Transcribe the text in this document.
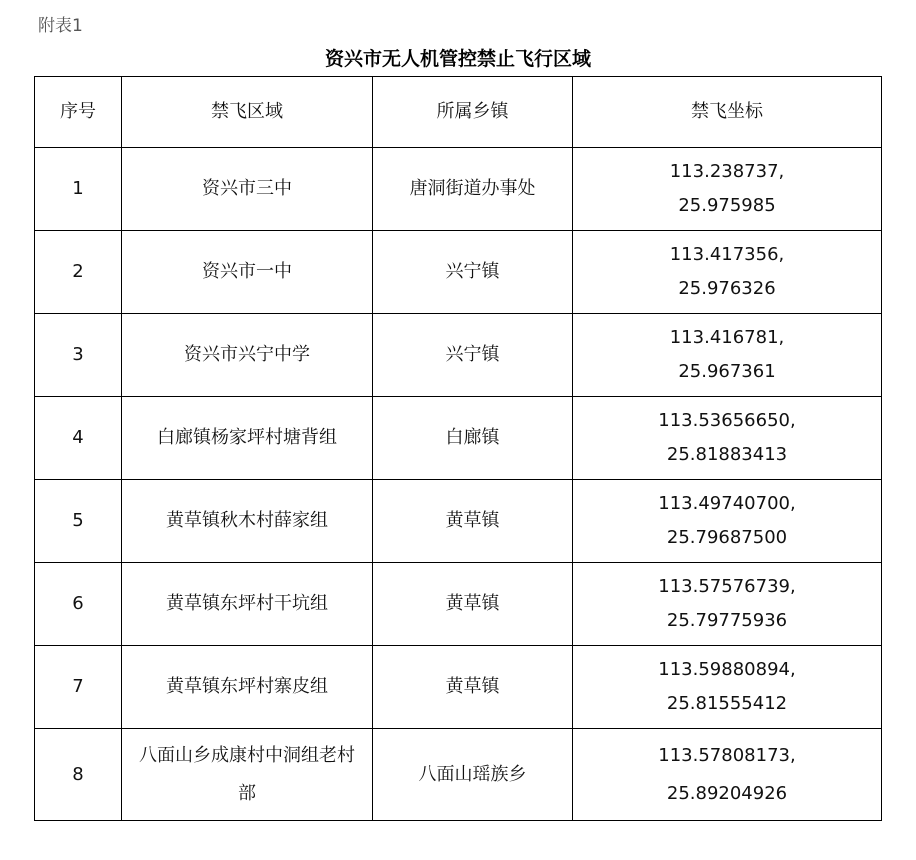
附表1
资兴市无人机管控禁止飞行区域
序号	禁飞区域	所属乡镇	禁飞坐标
1	资兴市三中	唐洞街道办事处	113.238737,
25.975985

2	资兴市一中	兴宁镇	113.417356,
25.976326

3	资兴市兴宁中学	兴宁镇	113.416781,
25.967361

4	白廊镇杨家坪村塘背组	白廊镇	113.53656650,
25.81883413

5	黄草镇秋木村薛家组	黄草镇	113.49740700,
25.79687500

6	黄草镇东坪村干坑组	黄草镇	113.57576739,
25.79775936

7	黄草镇东坪村寨皮组	黄草镇	113.59880894,
25.81555412

8	八面山乡成康村中洞组老村部	八面山瑶族乡	113.57808173,
25.89204926
